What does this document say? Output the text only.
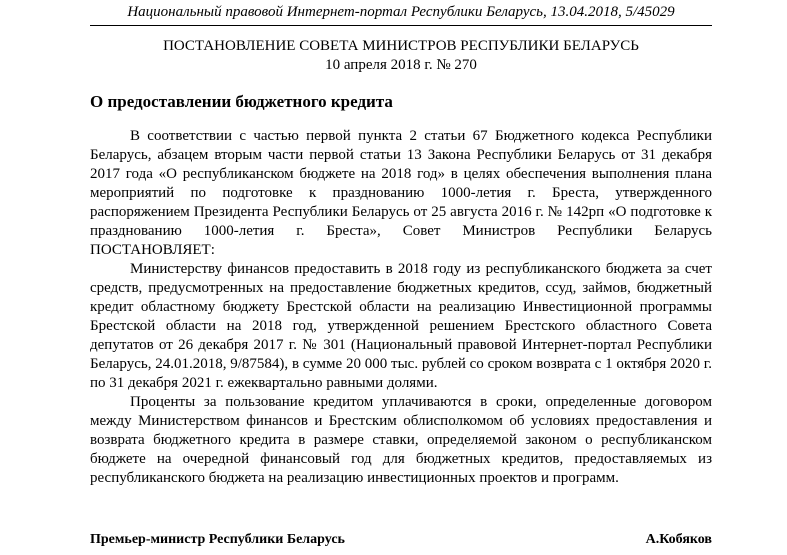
Национальный правовой Интернет-портал Республики Беларусь, 13.04.2018, 5/45029
ПОСТАНОВЛЕНИЕ СОВЕТА МИНИСТРОВ РЕСПУБЛИКИ БЕЛАРУСЬ
10 апреля 2018 г. № 270
О предоставлении бюджетного кредита

В соответствии с частью первой пункта 2 статьи 67 Бюджетного кодекса Республики Беларусь, абзацем вторым части первой статьи 13 Закона Республики Беларусь от 31 декабря 2017 года «О республиканском бюджете на 2018 год» в целях обеспечения выполнения плана мероприятий по подготовке к празднованию 1000-летия г. Бреста, утвержденного распоряжением Президента Республики Беларусь от 25 августа 2016 г. № 142рп «О подготовке к празднованию 1000-летия г. Бреста», Совет Министров Республики Беларусь ПОСТАНОВЛЯЕТ:

Министерству финансов предоставить в 2018 году из республиканского бюджета за счет средств, предусмотренных на предоставление бюджетных кредитов, ссуд, займов, бюджетный кредит областному бюджету Брестской области на реализацию Инвестиционной программы Брестской области на 2018 год, утвержденной решением Брестского областного Совета депутатов от 26 декабря 2017 г. № 301 (Национальный правовой Интернет-портал Республики Беларусь, 24.01.2018, 9/87584), в сумме 20 000 тыс. рублей со сроком возврата с 1 октября 2020 г. по 31 декабря 2021 г. ежеквартально равными долями.

Проценты за пользование кредитом уплачиваются в сроки, определенные договором между Министерством финансов и Брестским облисполкомом об условиях предоставления и возврата бюджетного кредита в размере ставки, определяемой законом о республиканском бюджете на очередной финансовый год для бюджетных кредитов, предоставляемых из республиканского бюджета на реализацию инвестиционных проектов и программ.

Премьер-министр Республики Беларусь	А.Кобяков
